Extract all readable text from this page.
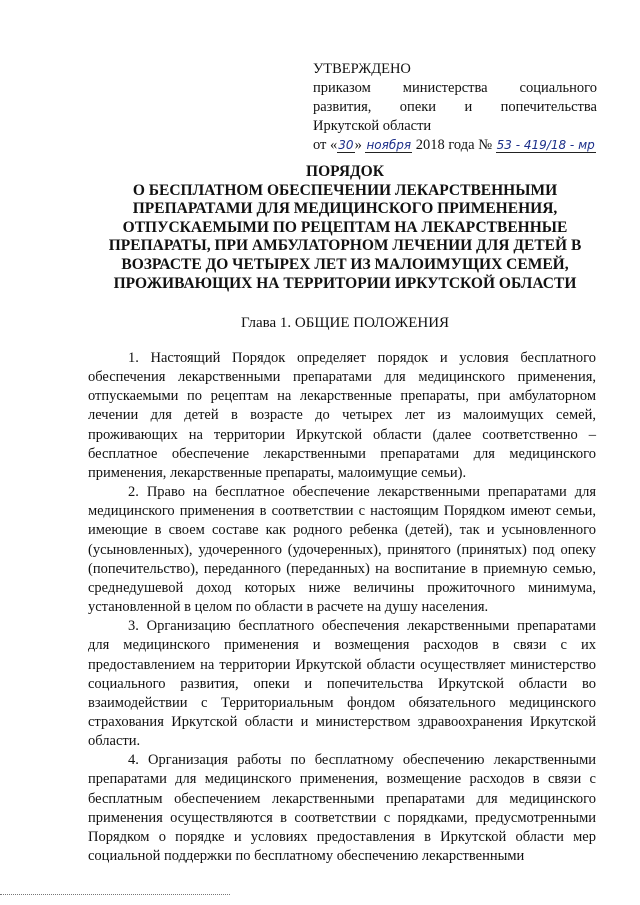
УТВЕРЖДЕНО
приказом министерства социального
развития, опеки и попечительства
Иркутской области
от «30» ноября 2018 года № 53 - 419/18 - мр
ПОРЯДОК
О БЕСПЛАТНОМ ОБЕСПЕЧЕНИИ ЛЕКАРСТВЕННЫМИ
ПРЕПАРАТАМИ ДЛЯ МЕДИЦИНСКОГО ПРИМЕНЕНИЯ,
ОТПУСКАЕМЫМИ ПО РЕЦЕПТАМ НА ЛЕКАРСТВЕННЫЕ
ПРЕПАРАТЫ, ПРИ АМБУЛАТОРНОМ ЛЕЧЕНИИ ДЛЯ ДЕТЕЙ В
ВОЗРАСТЕ ДО ЧЕТЫРЕХ ЛЕТ ИЗ МАЛОИМУЩИХ СЕМЕЙ,
ПРОЖИВАЮЩИХ НА ТЕРРИТОРИИ ИРКУТСКОЙ ОБЛАСТИ
Глава 1. ОБЩИЕ ПОЛОЖЕНИЯ

1. Настоящий Порядок определяет порядок и условия бесплатного обеспечения лекарственными препаратами для медицинского применения, отпускаемыми по рецептам на лекарственные препараты, при амбулаторном лечении для детей в возрасте до четырех лет из малоимущих семей, проживающих на территории Иркутской области (далее соответственно – бесплатное обеспечение лекарственными препаратами для медицинского применения, лекарственные препараты, малоимущие семьи).

2. Право на бесплатное обеспечение лекарственными препаратами для медицинского применения в соответствии с настоящим Порядком имеют семьи, имеющие в своем составе как родного ребенка (детей), так и усыновленного (усыновленных), удочеренного (удочеренных), принятого (принятых) под опеку (попечительство), переданного (переданных) на воспитание в приемную семью, среднедушевой доход которых ниже величины прожиточного минимума, установленной в целом по области в расчете на душу населения.

3. Организацию бесплатного обеспечения лекарственными препаратами для медицинского применения и возмещения расходов в связи с их предоставлением на территории Иркутской области осуществляет министерство социального развития, опеки и попечительства Иркутской области во взаимодействии с Территориальным фондом обязательного медицинского страхования Иркутской области и министерством здравоохранения Иркутской области.

4. Организация работы по бесплатному обеспечению лекарственными препаратами для медицинского применения, возмещение расходов в связи с бесплатным обеспечением лекарственными препаратами для медицинского применения осуществляются в соответствии с порядками, предусмотренными Порядком о порядке и условиях предоставления в Иркутской области мер социальной поддержки по бесплатному обеспечению лекарственными
